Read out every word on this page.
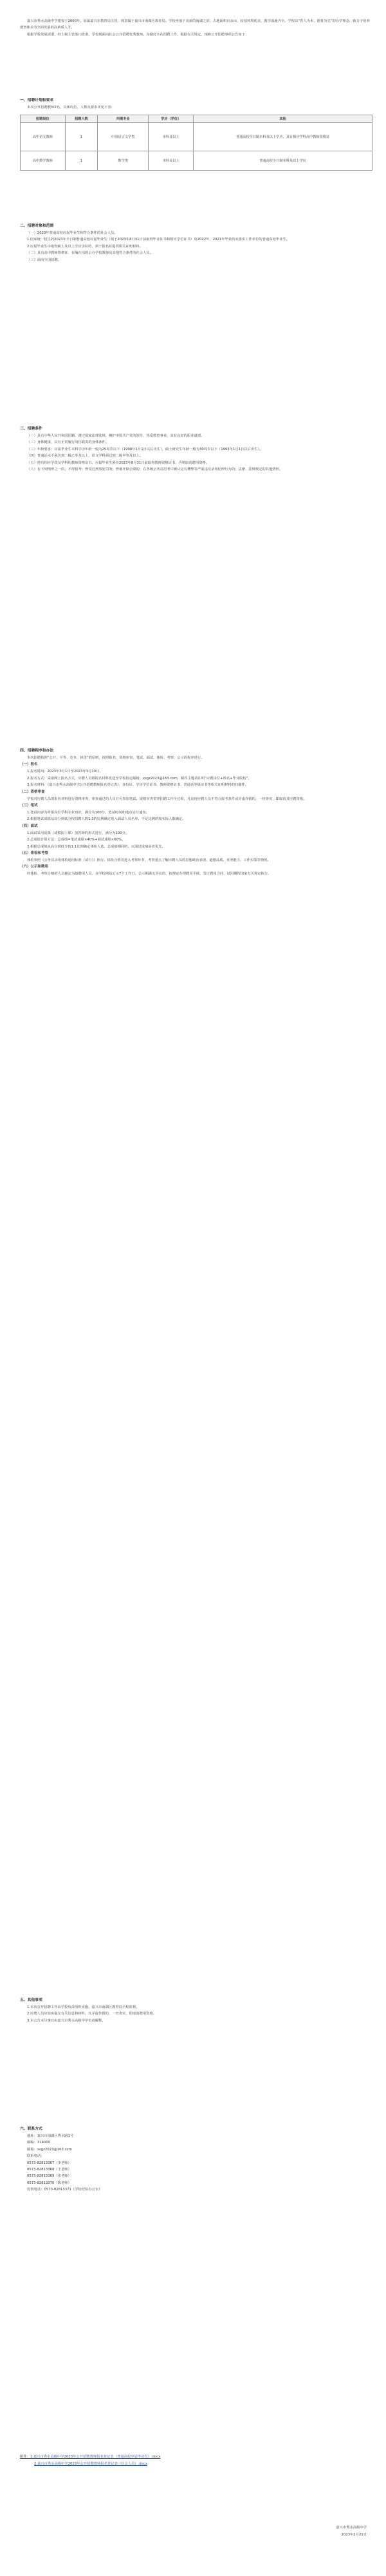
嘉兴市秀水高级中学建校于2000年，原属嘉兴市教育局主管，现隶属于嘉兴市南湖区教育局。学校坐落于美丽的南湖之滨，占地面积百余亩，校园环境优美，教学设施齐全。学校以“育人为本、德育为先”的办学理念，致力于培养德智体美劳全面发展的高素质人才。

根据学校发展需要，经上级主管部门批准，学校现面向社会公开招聘优秀教师。为做好本次招聘工作，根据有关规定，现将公开招聘事项公告如下：

一、招聘计划和要求

本次公开招聘教师2名，具体岗位、人数及要求详见下表：

招聘岗位	招聘人数	所需专业	学历（学位）	其他
高中语文教师	1	中国语言文学类	本科及以上	普通高校全日制本科及以上学历，具有相应学科高中教师资格证
高中数学教师	1	数学类	本科及以上	普通高校全日制本科及以上学历

二、招聘对象和范围

（一）2023年普通高校应届毕业生和符合条件的社会人员。

1.国家统一招生的2023年全日制普通高校应届毕业生（须于2023年8月31日前取得毕业证书和相应学位证书）及2022年、2021年毕业尚未落实工作单位的普通高校毕业生。

2.应届毕业生中取得硕士及以上学历学位的，须于报名时提供相关证明材料。

（二）具有高中教师资格证、在编在岗的公办学校教师及其他符合条件的社会人员。

（三）面向全国招聘。

三、招聘条件

（一）具有中华人民共和国国籍，遵守国家法律法规，拥护中国共产党的领导，热爱教育事业，具有良好的职业道德。

（二）身体健康，具有正常履行岗位职责的身体条件。

（三）年龄要求：应届毕业生本科学历年龄一般为25周岁以下（1998年1月1日以后出生），硕士研究生年龄一般为30周岁以下（1993年1月1日以后出生）。

（四）普通话水平须达到二级乙等及以上，语文学科须达到二级甲等及以上。

（五）持有相应学段及学科的教师资格证书。应届毕业生须在2023年8月31日前取得教师资格证书，否则取消聘用资格。

（六）有下列情形之一的，不得报考：曾受过刑事处罚的；曾被开除公职的；在各级公务员招考中被认定有舞弊等严重违反录用纪律行为的；法律、法规规定的其他情形。

四、招聘程序和办法

本次招聘按照“公开、平等、竞争、择优”的原则，按照报名、资格审查、笔试、面试、体检、考察、公示的程序进行。

（一）报名

1.报名时间：2023年3月1日至2023年3月10日。

2.报名方式：采取网上报名方式，应聘人员将报名材料发送至学校指定邮箱：xsgz2023@163.com，邮件主题请注明“应聘岗位+姓名+毕业院校”。

3.报名材料：《嘉兴市秀水高级中学公开招聘教师报名登记表》、身份证、学历学位证书、教师资格证书、普通话等级证书等相关证明材料的扫描件。

（二）资格审查

学校对应聘人员的报名材料进行资格审查，审查通过的人员方可参加笔试。资格审查贯穿招聘工作全过程，凡发现应聘人员不符合报考条件或弄虚作假的，一经查实，即取消其应聘资格。

（三）笔试

1.笔试内容为所报岗位学科专业知识，满分为100分。笔试时间和地点另行通知。

2.根据笔试成绩从高分到低分按招聘人数1:3的比例确定进入面试人员名单，不足比例的按实际人数确定。

（四）面试

1.面试采用说课（或模拟上课）加答辩的形式进行，满分为100分。

2.总成绩计算方法：总成绩=笔试成绩×40%+面试成绩×60%。

3.根据总成绩从高分到低分按1:1比例确定体检人选。总成绩相同的，以面试成绩高者优先。

（五）体检和考察

体检参照《公务员录用体检通用标准（试行）》执行。体检合格者进入考察环节，考察重点了解应聘人员的思想政治表现、道德品质、业务能力、工作实绩等情况。

（六）公示和聘用

经体检、考察合格的人员确定为拟聘用人员，在学校网站公示7个工作日。公示期满无异议的，按规定办理聘用手续，签订聘用合同，试用期按国家有关规定执行。

五、其他事项

1.本次公开招聘工作由学校负责组织实施，嘉兴市南湖区教育局全程监督。

2.应聘人员应如实提交有关信息和材料，凡弄虚作假的，一经查实，即取消聘用资格。

3.本公告未尽事宜由嘉兴市秀水高级中学负责解释。

六、联系方式

地址：嘉兴市南湖区秀水路1号
邮编：314000
邮箱：xsgz2023@163.com
联系电话：
0573-82813367（李老师）
0573-82813368（王老师）
0573-82813369（张老师）
0573-82813370（陈老师）
监督电话：0573-82813371（学校纪检办公室）
附件：1.嘉兴市秀水高级中学2023年公开招聘教师报名登记表（普通高校应届毕业生）.docx
2.嘉兴市秀水高级中学2023年公开招聘教师报名登记表（社会人员）.docx
嘉兴市秀水高级中学
2023年2月21日
